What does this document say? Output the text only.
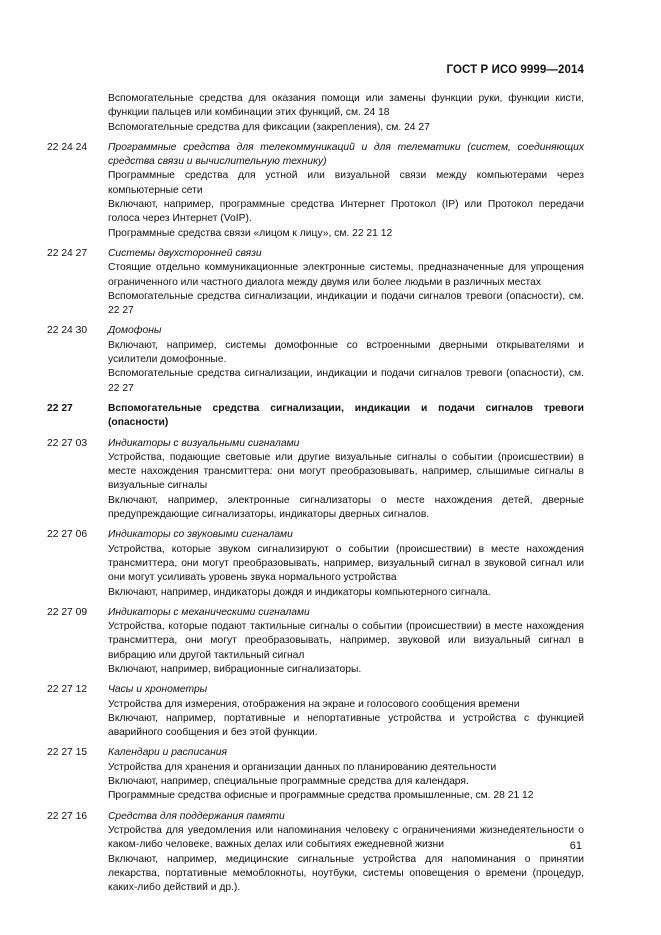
ГОСТ Р ИСО 9999—2014
Вспомогательные средства для оказания помощи или замены функции руки, функции кисти, функции пальцев или комбинации этих функций, см. 24 18
Вспомогательные средства для фиксации (закрепления), см. 24 27
22 24 24	Программные средства для телекоммуникаций и для телематики (систем, соединяющих средства связи и вычислительную технику)
Программные средства для устной или визуальной связи между компьютерами через компьютерные сети
Включают, например, программные средства Интернет Протокол (IP) или Протокол передачи голоса через Интернет (VoIP).
Программные средства связи «лицом к лицу», см. 22 21 12
22 24 27	Системы двухсторонней связи
Стоящие отдельно коммуникационные электронные системы, предназначенные для упрощения ограниченного или частного диалога между двумя или более людьми в различных местах
Вспомогательные средства сигнализации, индикации и подачи сигналов тревоги (опасности), см. 22 27
22 24 30	Домофоны
Включают, например, системы домофонные со встроенными дверными открывателями и усилители домофонные.
Вспомогательные средства сигнализации, индикации и подачи сигналов тревоги (опасности), см. 22 27
22 27	Вспомогательные средства сигнализации, индикации и подачи сигналов тревоги (опасности)
22 27 03	Индикаторы с визуальными сигналами
Устройства, подающие световые или другие визуальные сигналы о событии (происшествии) в месте нахождения трансмиттера: они могут преобразовывать, например, слышимые сигналы в визуальные сигналы
Включают, например, электронные сигнализаторы о месте нахождения детей, дверные предупреждающие сигнализаторы, индикаторы дверных сигналов.
22 27 06	Индикаторы со звуковыми сигналами
Устройства, которые звуком сигнализируют о событии (происшествии) в месте нахождения трансмиттера, они могут преобразовывать, например, визуальный сигнал в звуковой сигнал или они могут усиливать уровень звука нормального устройства
Включают, например, индикаторы дождя и индикаторы компьютерного сигнала.
22 27 09	Индикаторы с механическими сигналами
Устройства, которые подают тактильные сигналы о событии (происшествии) в месте нахождения трансмиттера, они могут преобразовывать, например, звуковой или визуальный сигнал в вибрацию или другой тактильный сигнал
Включают, например, вибрационные сигнализаторы.
22 27 12	Часы и хронометры
Устройства для измерения, отображения на экране и голосового сообщения времени
Включают, например, портативные и непортативные устройства и устройства с функцией аварийного сообщения и без этой функции.
22 27 15	Календари и расписания
Устройства для хранения и организации данных по планированию деятельности
Включают, например, специальные программные средства для календаря.
Программные средства офисные и программные средства промышленные, см. 28 21 12
22 27 16	Средства для поддержания памяти
Устройства для уведомления или напоминания человеку с ограничениями жизнедеятельности о каком-либо человеке, важных делах или событиях ежедневной жизни
Включают, например, медицинские сигнальные устройства для напоминания о принятии лекарства, портативные мемоблокноты, ноутбуки, системы оповещения о времени (процедур, каких-либо действий и др.).
61
